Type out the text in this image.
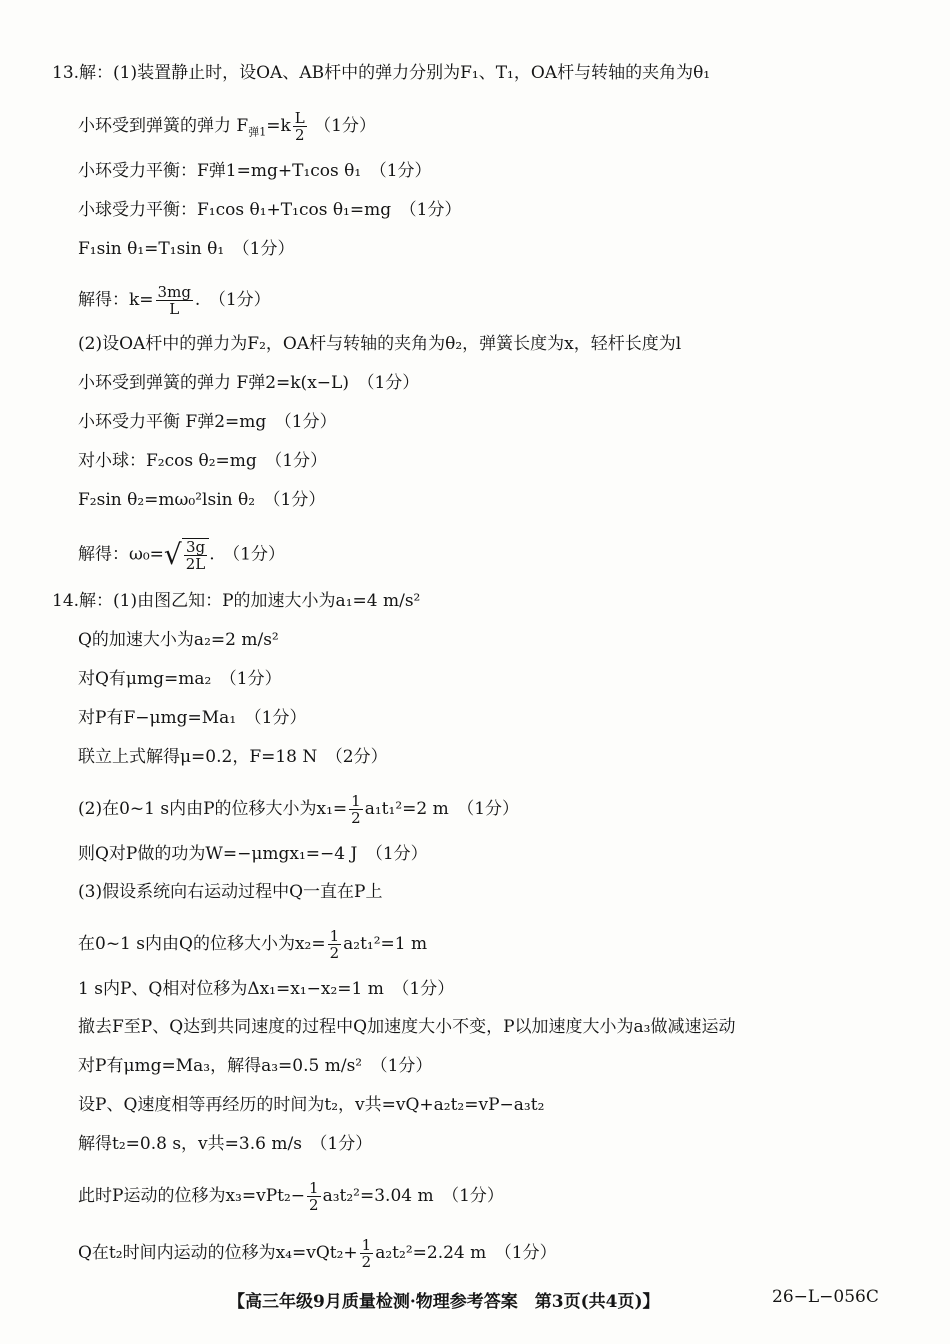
13.解：(1)装置静止时，设OA、AB杆中的弹力分别为F₁、T₁，OA杆与转轴的夹角为θ₁
小环受到弹簧的弹力 $F_{弹1}=k \frac{L}{2} (1$分）
小环受力平衡：F弹1=mg+T₁cos θ₁　（1分）
小球受力平衡：F₁cos θ₁+T₁cos θ₁=mg　（1分）
F₁sin θ₁=T₁sin θ₁　（1分）
解得：$k= \frac{3mg}{L}$ .　（1分）
(2)设OA杆中的弹力为F₂，OA杆与转轴的夹角为θ₂，弹簧长度为x，轻杆长度为l
小环受到弹簧的弹力 F弹2=k(x−L)　（1分）
小环受力平衡 F弹2=mg　（1分）
对小球：F₂cos θ₂=mg　（1分）
F₂sin θ₂=mω₀²lsin θ₂　（1分）
解得：$\omega_0=√ \frac{3g}{2L}$ .　（1分）
14.解：(1)由图乙知：P的加速大小为a₁=4 m/s²
Q的加速大小为a₂=2 m/s²
对Q有μmg=ma₂　（1分）
对P有F−μmg=Ma₁　（1分）
联立上式解得μ=0.2，F=18 N　（2分）
(2)在0~1 s内由P的位移大小为$x_1= \frac{1}{2} a_1t_1^2=2$ m　（1分）
则Q对P做的功为W=−μmgx₁=−4 J　（1分）
(3)假设系统向右运动过程中Q一直在P上
在0~1 s内由Q的位移大小为$x_2= \frac{1}{2} a_2t_1^2=1$ m
1 s内P、Q相对位移为Δx₁=x₁−x₂=1 m　（1分）
撤去F至P、Q达到共同速度的过程中Q加速度大小不变，P以加速度大小为a₃做减速运动
对P有μmg=Ma₃，解得a₃=0.5 m/s²　（1分）
设P、Q速度相等再经历的时间为t₂，v共=vQ+a₂t₂=vP−a₃t₂
解得t₂=0.8 s，v共=3.6 m/s　（1分）
此时P运动的位移为$x_3=vPt_2- \frac{1}{2} a_3t_2^2=3.04$ m　（1分）
Q在t₂时间内运动的位移为$x_4=vQt_2+ \frac{1}{2} a_2t_2^2=2.24$ m　（1分）
【高三年级9月质量检测·物理参考答案　第3页(共4页)】	26−L−056C
